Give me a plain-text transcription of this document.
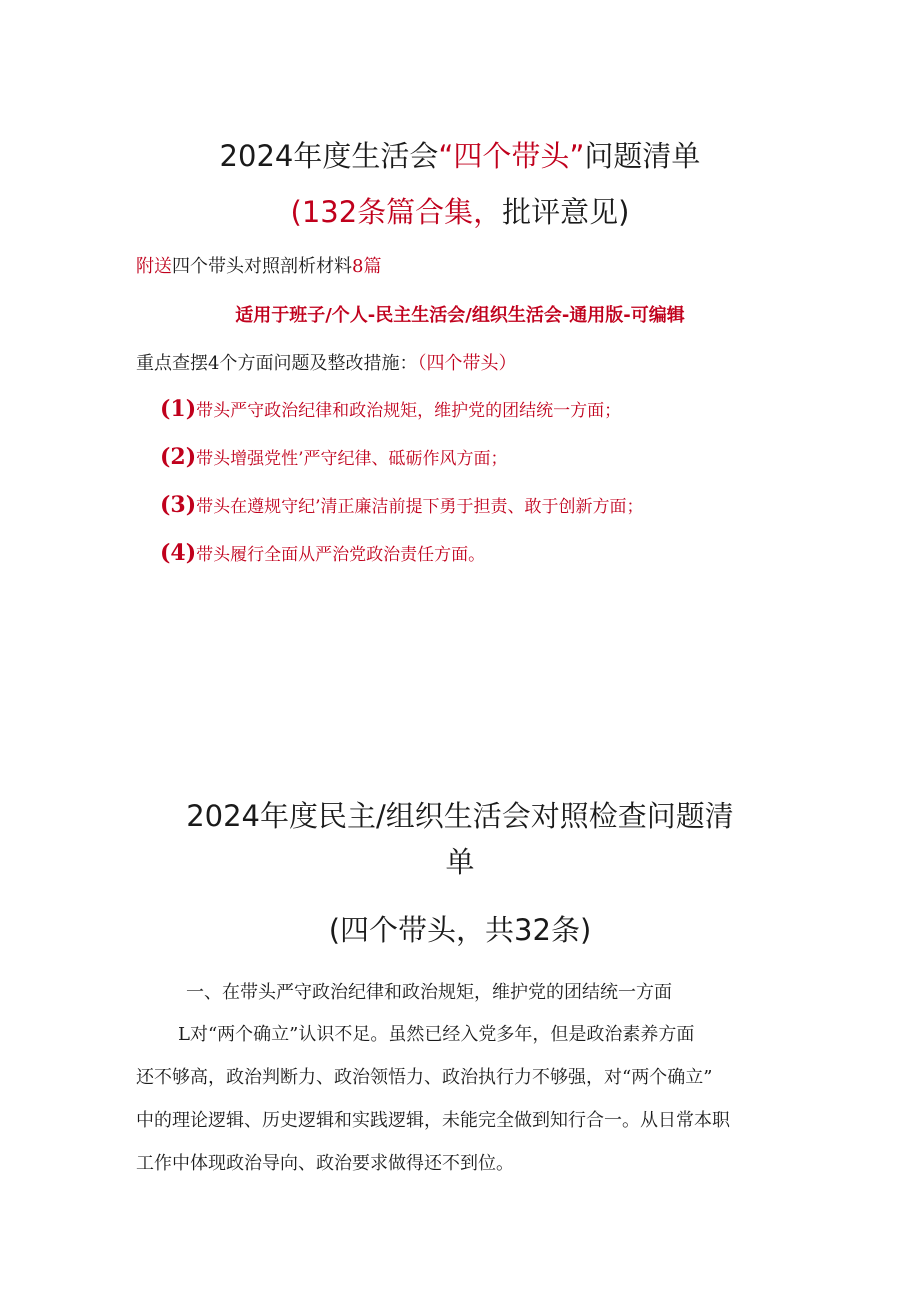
2024年度生活会“四个带头”问题清单
(132条篇合集，批评意见)
附送四个带头对照剖析材料8篇
适用于班子/个人-民主生活会/组织生活会-通用版-可编辑
重点查摆4个方面问题及整改措施：（四个带头）
(1)带头严守政治纪律和政治规矩，维护党的团结统一方面；
(2)带头增强党性’严守纪律、砥砺作风方面；
(3)带头在遵规守纪’清正廉洁前提下勇于担责、敢于创新方面；
(4)带头履行全面从严治党政治责任方面。
2024年度民主/组织生活会对照检查问题清
单
(四个带头，共32条)
一、在带头严守政治纪律和政治规矩，维护党的团结统一方面
L对“两个确立”认识不足。虽然已经入党多年，但是政治素养方面
还不够高，政治判断力、政治领悟力、政治执行力不够强，对“两个确立”
中的理论逻辑、历史逻辑和实践逻辑，未能完全做到知行合一。从日常本职
工作中体现政治导向、政治要求做得还不到位。
